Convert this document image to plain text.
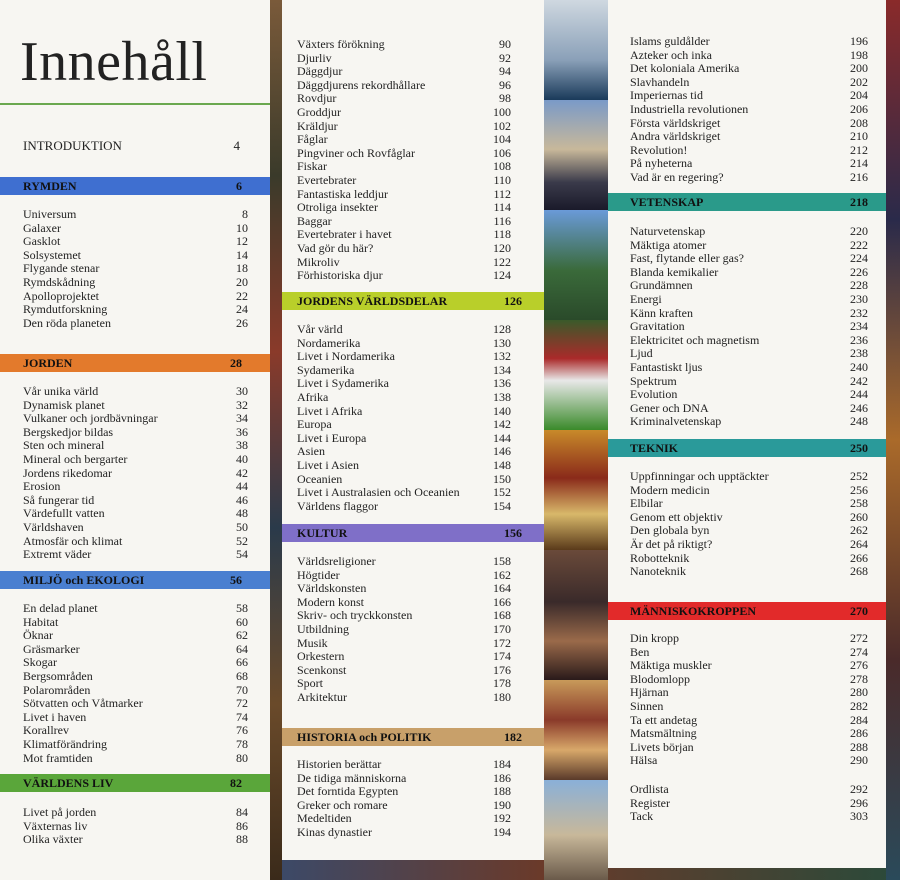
Innehåll
INTRODUKTION	4
RYMDEN	6
Universum	8
Galaxer	10
Gasklot	12
Solsystemet	14
Flygande stenar	18
Rymdskådning	20
Apolloprojektet	22
Rymdutforskning	24
Den röda planeten	26
JORDEN	28
Vår unika värld	30
Dynamisk planet	32
Vulkaner och jordbävningar	34
Bergskedjor bildas	36
Sten och mineral	38
Mineral och bergarter	40
Jordens rikedomar	42
Erosion	44
Så fungerar tid	46
Värdefullt vatten	48
Världshaven	50
Atmosfär och klimat	52
Extremt väder	54
MILJÖ och EKOLOGI	56
En delad planet	58
Habitat	60
Öknar	62
Gräsmarker	64
Skogar	66
Bergsområden	68
Polarområden	70
Sötvatten och Våtmarker	72
Livet i haven	74
Korallrev	76
Klimatförändring	78
Mot framtiden	80
VÄRLDENS LIV	82
Livet på jorden	84
Växternas liv	86
Olika växter	88
Växters förökning	90
Djurliv	92
Däggdjur	94
Däggdjurens rekordhållare	96
Rovdjur	98
Groddjur	100
Kräldjur	102
Fåglar	104
Pingviner och Rovfåglar	106
Fiskar	108
Evertebrater	110
Fantastiska leddjur	112
Otroliga insekter	114
Baggar	116
Evertebrater i havet	118
Vad gör du här?	120
Mikroliv	122
Förhistoriska djur	124
JORDENS VÄRLDSDELAR	126
Vår värld	128
Nordamerika	130
Livet i Nordamerika	132
Sydamerika	134
Livet i Sydamerika	136
Afrika	138
Livet i Afrika	140
Europa	142
Livet i Europa	144
Asien	146
Livet i Asien	148
Oceanien	150
Livet i Australasien och Oceanien	152
Världens flaggor	154
KULTUR	156
Världsreligioner	158
Högtider	162
Världskonsten	164
Modern konst	166
Skriv- och tryckkonsten	168
Utbildning	170
Musik	172
Orkestern	174
Scenkonst	176
Sport	178
Arkitektur	180
HISTORIA och POLITIK	182
Historien berättar	184
De tidiga människorna	186
Det forntida Egypten	188
Greker och romare	190
Medeltiden	192
Kinas dynastier	194
Islams guldålder	196
Azteker och inka	198
Det koloniala Amerika	200
Slavhandeln	202
Imperiernas tid	204
Industriella revolutionen	206
Första världskriget	208
Andra världskriget	210
Revolution!	212
På nyheterna	214
Vad är en regering?	216
VETENSKAP	218
Naturvetenskap	220
Mäktiga atomer	222
Fast, flytande eller gas?	224
Blanda kemikalier	226
Grundämnen	228
Energi	230
Känn kraften	232
Gravitation	234
Elektricitet och magnetism	236
Ljud	238
Fantastiskt ljus	240
Spektrum	242
Evolution	244
Gener och DNA	246
Kriminalvetenskap	248
TEKNIK	250
Uppfinningar och upptäckter	252
Modern medicin	256
Elbilar	258
Genom ett objektiv	260
Den globala byn	262
Är det på riktigt?	264
Robotteknik	266
Nanoteknik	268
MÄNNISKOKROPPEN	270
Din kropp	272
Ben	274
Mäktiga muskler	276
Blodomlopp	278
Hjärnan	280
Sinnen	282
Ta ett andetag	284
Matsmältning	286
Livets början	288
Hälsa	290
Ordlista	292
Register	296
Tack	303
